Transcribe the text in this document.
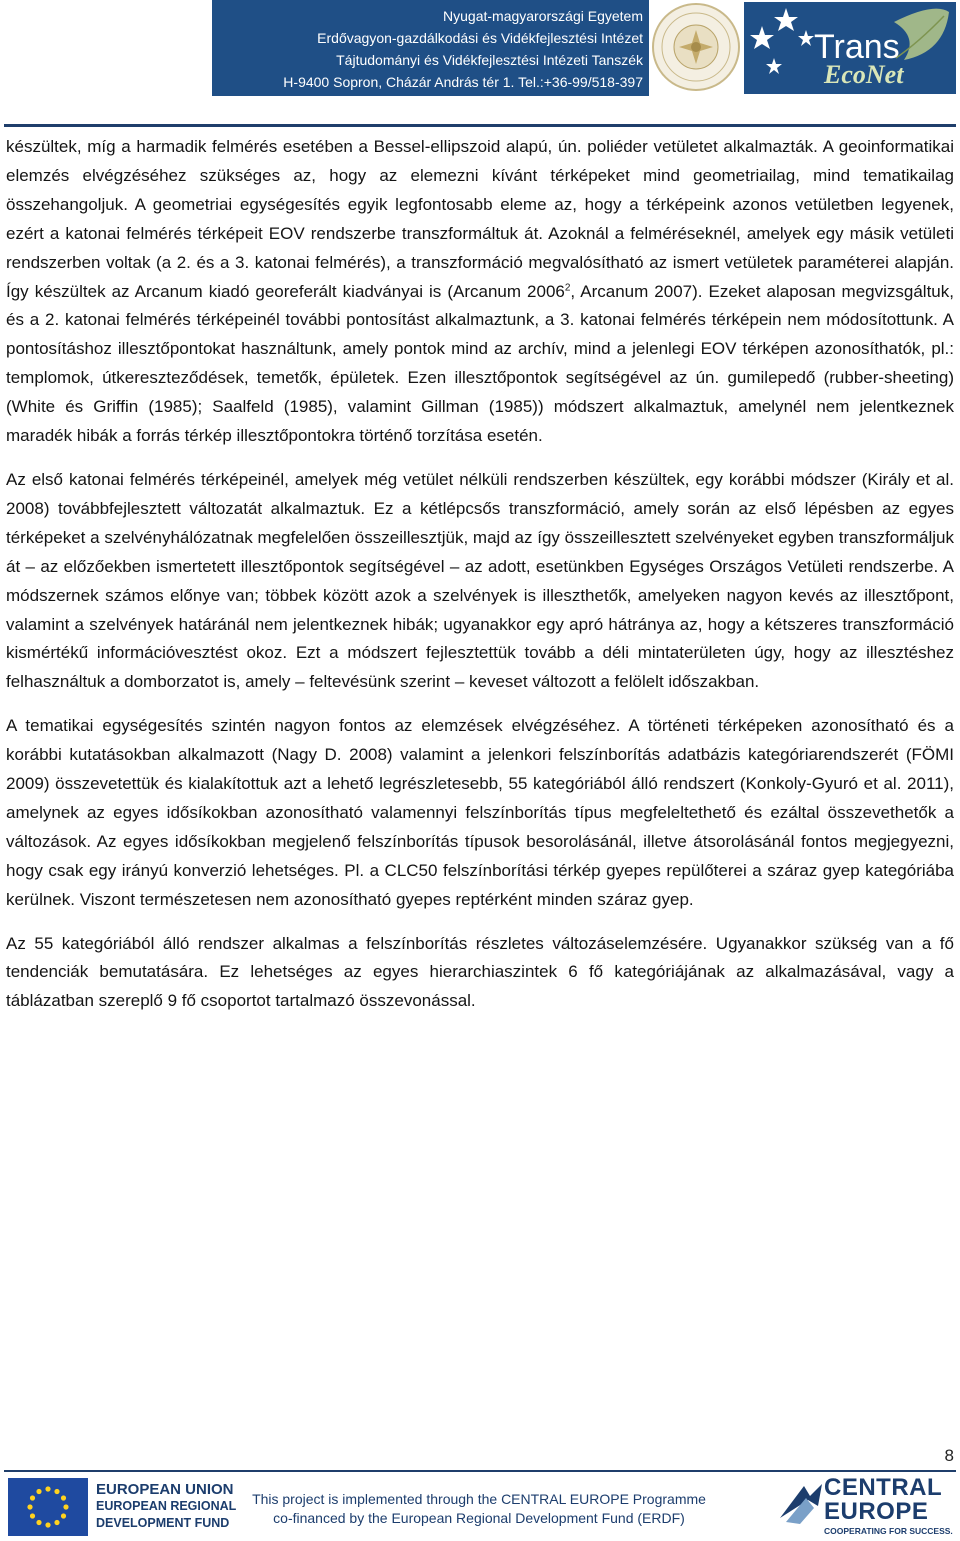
Nyugat-magyarországi Egyetem
Erdővagyon-gazdálkodási és Vidékfejlesztési Intézet
Tájtudományi és Vidékfejlesztési Intézeti Tanszék
H-9400 Sopron, Cházár András tér 1. Tel.:+36-99/518-397
Trans
EcoNet

készültek, míg a harmadik felmérés esetében a Bessel-ellipszoid alapú, ún. poliéder vetületet alkalmazták. A geoinformatikai elemzés elvégzéséhez szükséges az, hogy az elemezni kívánt térképeket mind geometriailag, mind tematikailag összehangoljuk. A geometriai egységesítés egyik legfontosabb eleme az, hogy a térképeink azonos vetületben legyenek, ezért a katonai felmérés térképeit EOV rendszerbe transzformáltuk át. Azoknál a felméréseknél, amelyek egy másik vetületi rendszerben voltak (a 2. és a 3. katonai felmérés), a transzformáció megvalósítható az ismert vetületek paraméterei alapján. Így készültek az Arcanum kiadó georeferált kiadványai is (Arcanum 2006$^2$, Arcanum 2007). Ezeket alaposan megvizsgáltuk, és a 2. katonai felmérés térképeinél további pontosítást alkalmaztunk, a 3. katonai felmérés térképein nem módosítottunk. A pontosításhoz illesztőpontokat használtunk, amely pontok mind az archív, mind a jelenlegi EOV térképen azonosíthatók, pl.: templomok, útkereszteződések, temetők, épületek. Ezen illesztőpontok segítségével az ún. gumilepedő (rubber-sheeting) (White és Griffin (1985); Saalfeld (1985), valamint Gillman (1985)) módszert alkalmaztuk, amelynél nem jelentkeznek maradék hibák a forrás térkép illesztőpontokra történő torzítása esetén.

Az első katonai felmérés térképeinél, amelyek még vetület nélküli rendszerben készültek, egy korábbi módszer (Király et al. 2008) továbbfejlesztett változatát alkalmaztuk. Ez a kétlépcsős transzformáció, amely során az első lépésben az egyes térképeket a szelvényhálózatnak megfelelően összeillesztjük, majd az így összeillesztett szelvényeket egyben transzformáljuk át – az előzőekben ismertetett illesztőpontok segítségével – az adott, esetünkben Egységes Országos Vetületi rendszerbe. A módszernek számos előnye van; többek között azok a szelvények is illeszthetők, amelyeken nagyon kevés az illesztőpont, valamint a szelvények határánál nem jelentkeznek hibák; ugyanakkor egy apró hátránya az, hogy a kétszeres transzformáció kismértékű információvesztést okoz. Ezt a módszert fejlesztettük tovább a déli mintaterületen úgy, hogy az illesztéshez felhasználtuk a domborzatot is, amely – feltevésünk szerint – keveset változott a felölelt időszakban.

A tematikai egységesítés szintén nagyon fontos az elemzések elvégzéséhez. A történeti térképeken azonosítható és a korábbi kutatásokban alkalmazott (Nagy D. 2008) valamint a jelenkori felszínborítás adatbázis kategóriarendszerét (FÖMI 2009) összevetettük és kialakítottuk azt a lehető legrészletesebb, 55 kategóriából álló rendszert (Konkoly-Gyuró et al. 2011), amelynek az egyes idősíkokban azonosítható valamennyi felszínborítás típus megfeleltethető és ezáltal összevethetők a változások. Az egyes idősíkokban megjelenő felszínborítás típusok besorolásánál, illetve átsorolásánál fontos megjegyezni, hogy csak egy irányú konverzió lehetséges. Pl. a CLC50 felszínborítási térkép gyepes repülőterei a száraz gyep kategóriába kerülnek. Viszont természetesen nem azonosítható gyepes reptérként minden száraz gyep.

Az 55 kategóriából álló rendszer alkalmas a felszínborítás részletes változáselemzésére. Ugyanakkor szükség van a fő tendenciák bemutatására. Ez lehetséges az egyes hierarchiaszintek 6 fő kategóriájának az alkalmazásával, vagy a táblázatban szereplő 9 fő csoportot tartalmazó összevonással.

8
EUROPEAN UNION
EUROPEAN REGIONAL
DEVELOPMENT FUND
This project is implemented through the CENTRAL EUROPE Programme
co-financed by the European Regional Development Fund (ERDF)
CENTRAL
EUROPE
COOPERATING FOR SUCCESS.
